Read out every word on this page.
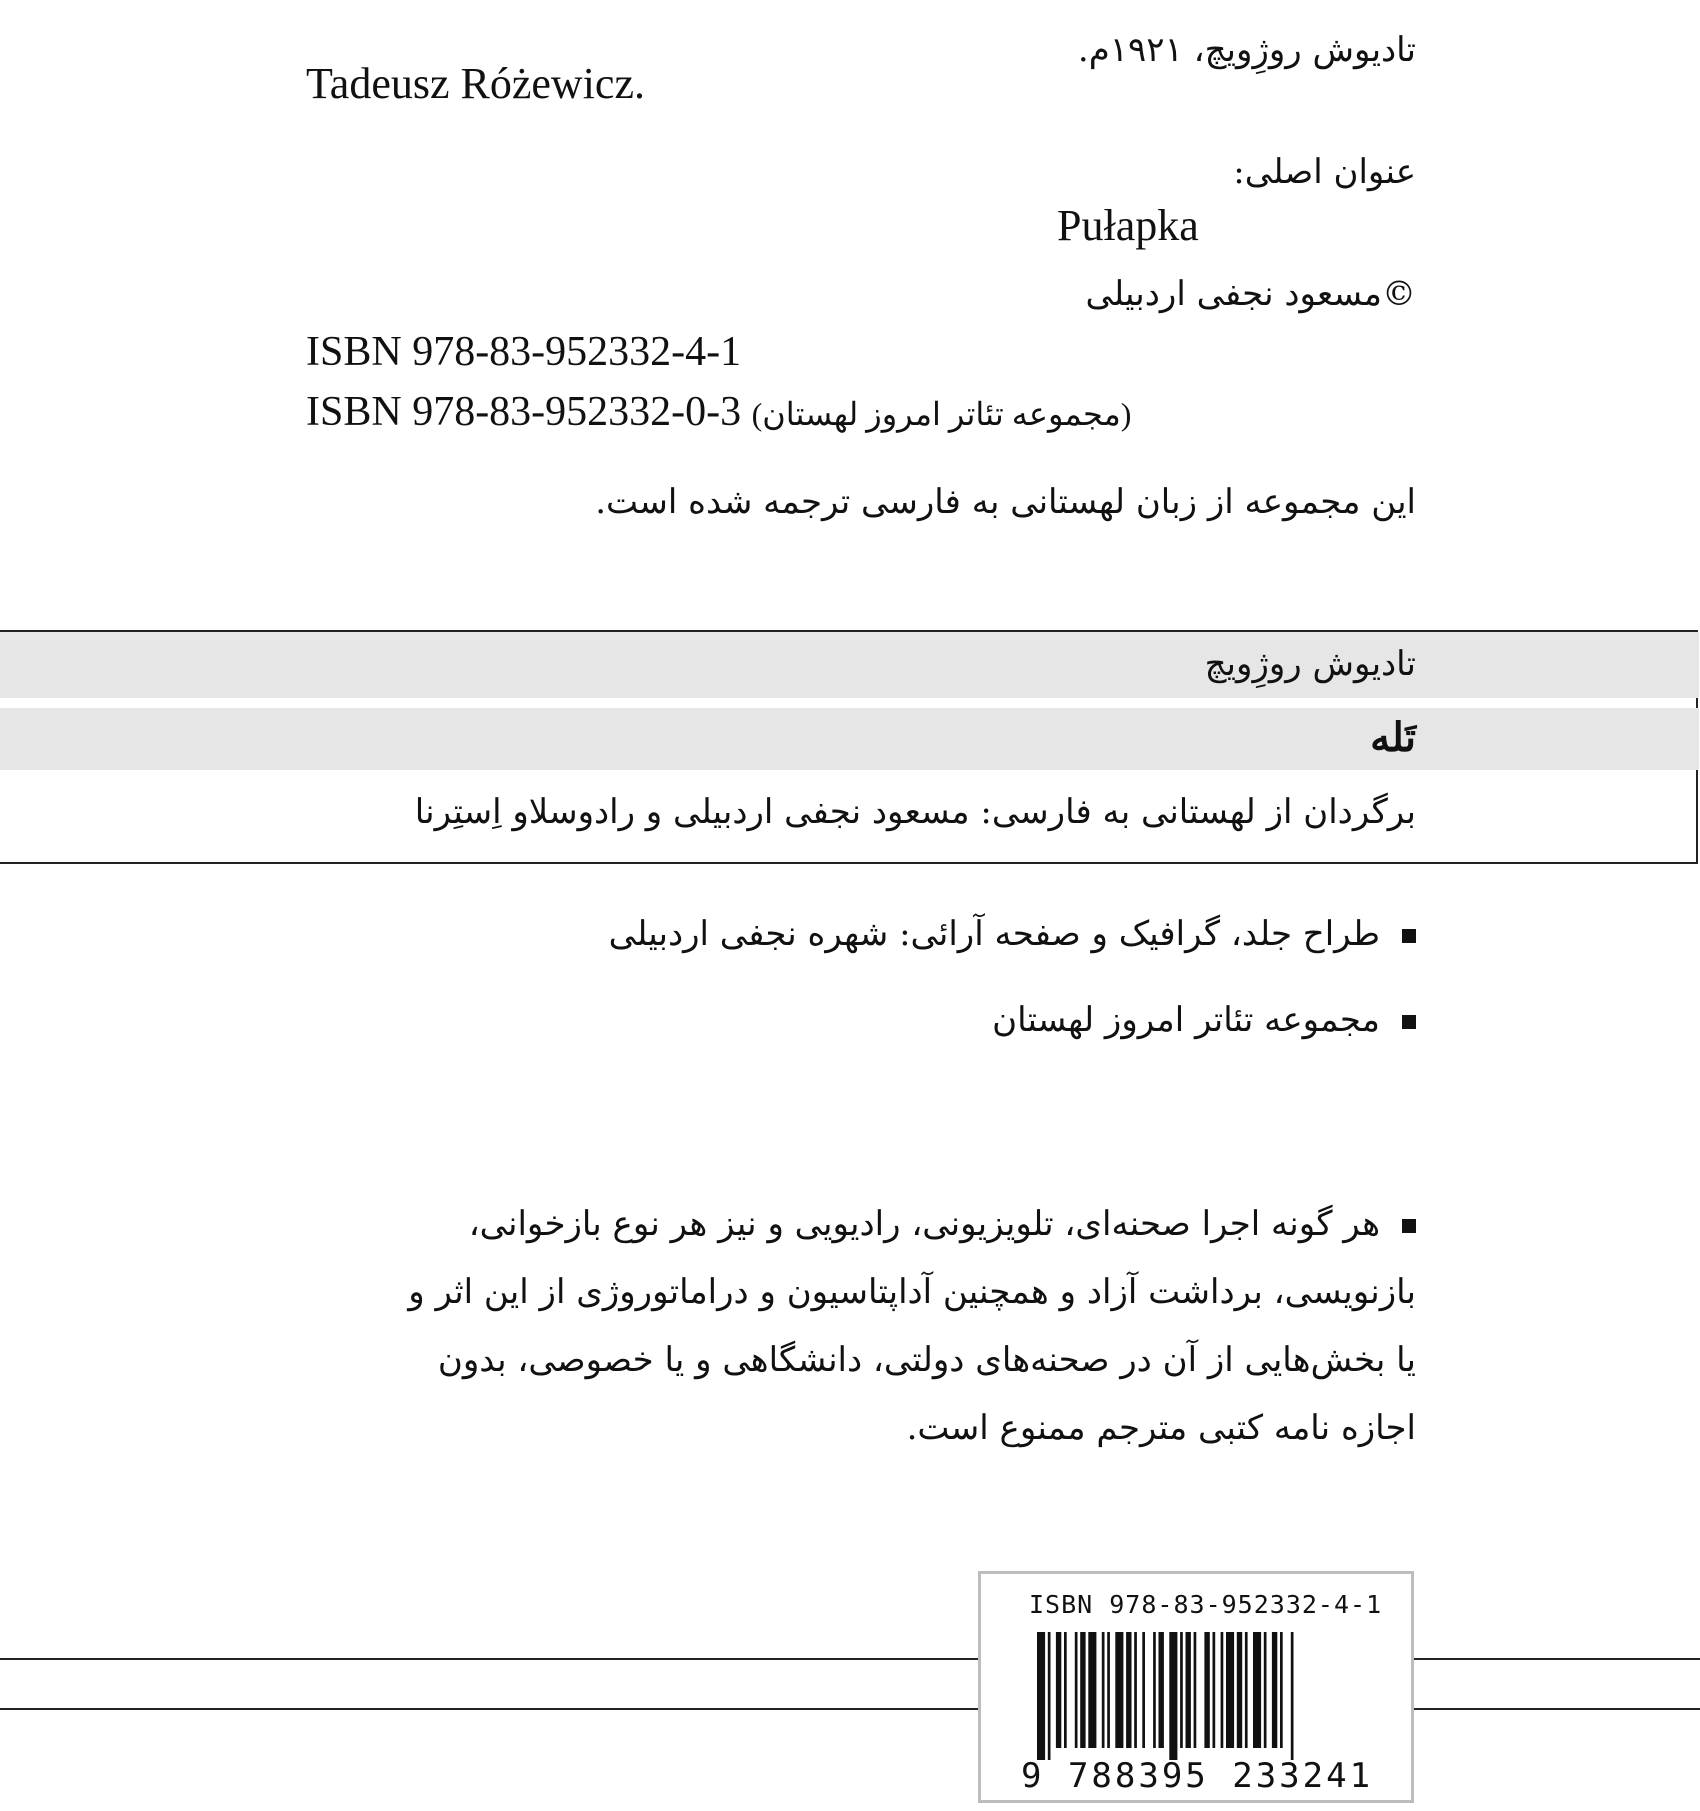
تادیوش روژِویچ، ۱۹۲۱م.
Tadeusz Różewicz.
عنوان اصلی:
Pułapka
©مسعود نجفی اردبیلی
ISBN 978-83-952332-4-1
ISBN 978-83-952332-0-3 (مجموعه تئاتر امروز لهستان)
این مجموعه از زبان لهستانی به فارسی ترجمه شده است.
تادیوش روژِویچ
تَله
برگردان از لهستانی به فارسی: مسعود نجفی اردبیلی و رادوسلاو اِستِرنا
طراح جلد، گرافیک و صفحه آرائی: شهره نجفی اردبیلی
مجموعه تئاتر امروز لهستان
هر گونه اجرا صحنه‌ای، تلویزیونی، رادیویی و نیز هر نوع بازخوانی،
بازنویسی، برداشت آزاد و همچنین آداپتاسیون و دراماتوروژی از این اثر و
یا بخش‌هایی از آن در صحنه‌های دولتی، دانشگاهی و یا خصوصی، بدون
اجازه نامه کتبی مترجم ممنوع است.
ISBN 978-83-952332-4-1
9 788395 233241
